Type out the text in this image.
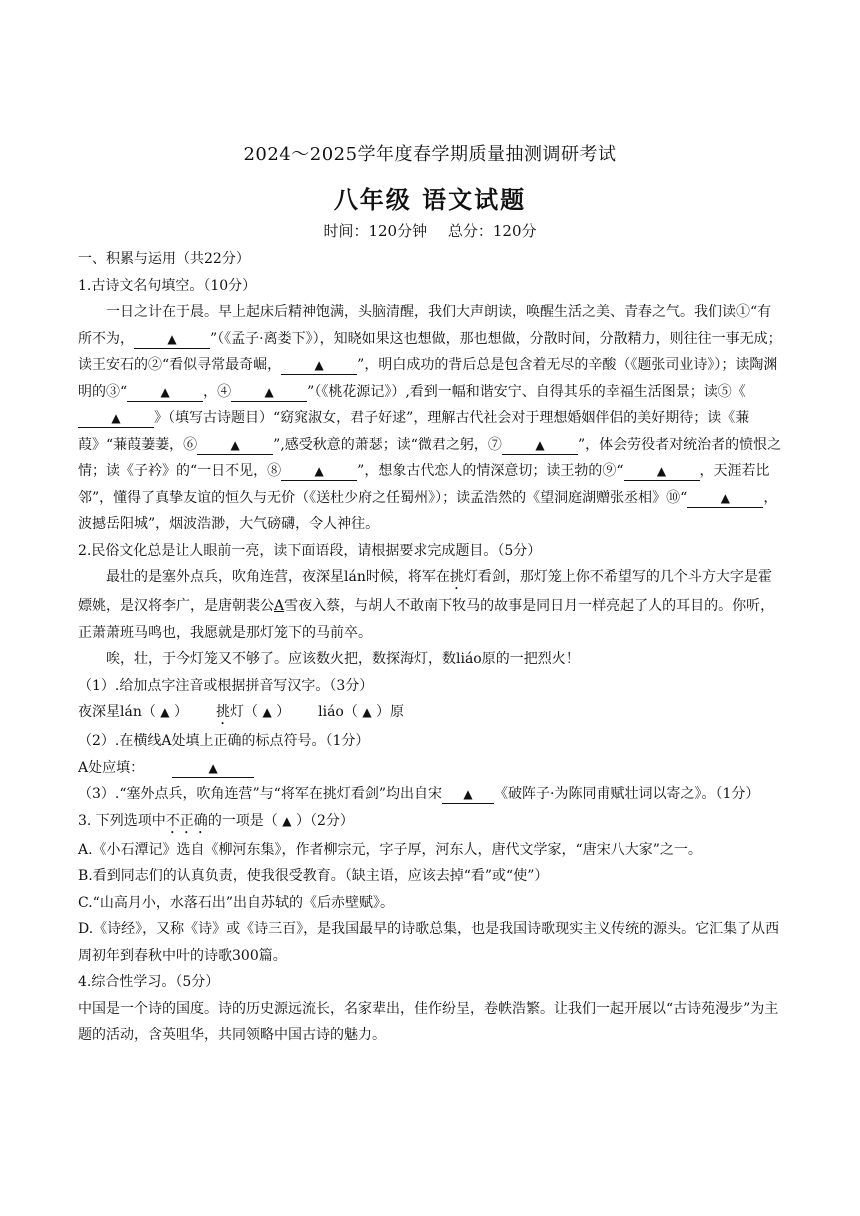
2024～2025学年度春学期质量抽测调研考试
八年级 语文试题
时间：120分钟 总分：120分

一、积累与运用（共22分）

1.古诗文名句填空。（10分）

一日之计在于晨。早上起床后精神饱满，头脑清醒，我们大声朗读，唤醒生活之美、青春之气。我们读①“有所不为，	▲ ”（《孟子·离娄下》），知晓如果这也想做，那也想做，分散时间，分散精力，则往往一事无成；读王安石的②“看似寻常最奇崛，	▲ ”，明白成功的背后总是包含着无尽的辛酸（《题张司业诗》）；读陶渊明的③“	▲ ，④	▲ ”（《桃花源记》）,看到一幅和谐安宁、自得其乐的幸福生活图景；读⑤《▲ 》（填写古诗题目）“窈窕淑女，君子好逑”，理解古代社会对于理想婚姻伴侣的美好期待；读《蒹葭》“蒹葭萋萋，⑥	▲ ”,感受秋意的萧瑟；读“微君之躬，⑦	▲ ”，体会劳役者对统治者的愤恨之情；读《子衿》的“一日不见，⑧	▲ ”，想象古代恋人的情深意切；读王勃的⑨“	▲ ，天涯若比邻”，懂得了真挚友谊的恒久与无价（《送杜少府之任蜀州》）；读孟浩然的《望洞庭湖赠张丞相》⑩“	▲ ，波撼岳阳城”，烟波浩渺，大气磅礴，令人神往。

2.民俗文化总是让人眼前一亮，读下面语段，请根据要求完成题目。（5分）

最壮的是塞外点兵，吹角连营，夜深星lán时候，将军在挑灯看剑，那灯笼上你不希望写的几个斗方大字是霍嫖姚，是汉将李广，是唐朝裴公A雪夜入蔡，与胡人不敢南下牧马的故事是同日月一样亮起了人的耳目的。你听，正萧萧班马鸣也，我愿就是那灯笼下的马前卒。

唉，壮，于今灯笼又不够了。应该数火把，数探海灯，数liáo原的一把烈火！

（1）.给加点字注音或根据拼音写汉字。（3分）

夜深星lán（ ▲ ） 挑灯（ ▲ ） liáo（ ▲ ）原

（2）.在横线A处填上正确的标点符号。（1分）

A处应填：	▲

（3）.“塞外点兵，吹角连营”与“将军在挑灯看剑”均出自宋 ▲ 《破阵子·为陈同甫赋壮词以寄之》。（1分）

3. 下列选项中不正确的一项是（ ▲ ）（2分）

A.《小石潭记》选自《柳河东集》，作者柳宗元，字子厚，河东人，唐代文学家，“唐宋八大家”之一。

B.看到同志们的认真负责，使我很受教育。（缺主语，应该去掉“看”或“使”）

C.“山高月小，水落石出”出自苏轼的《后赤壁赋》。

D.《诗经》，又称《诗》或《诗三百》，是我国最早的诗歌总集，也是我国诗歌现实主义传统的源头。它汇集了从西周初年到春秋中叶的诗歌300篇。

4.综合性学习。（5分）

中国是一个诗的国度。诗的历史源远流长，名家辈出，佳作纷呈，卷帙浩繁。让我们一起开展以“古诗苑漫步”为主题的活动，含英咀华，共同领略中国古诗的魅力。
